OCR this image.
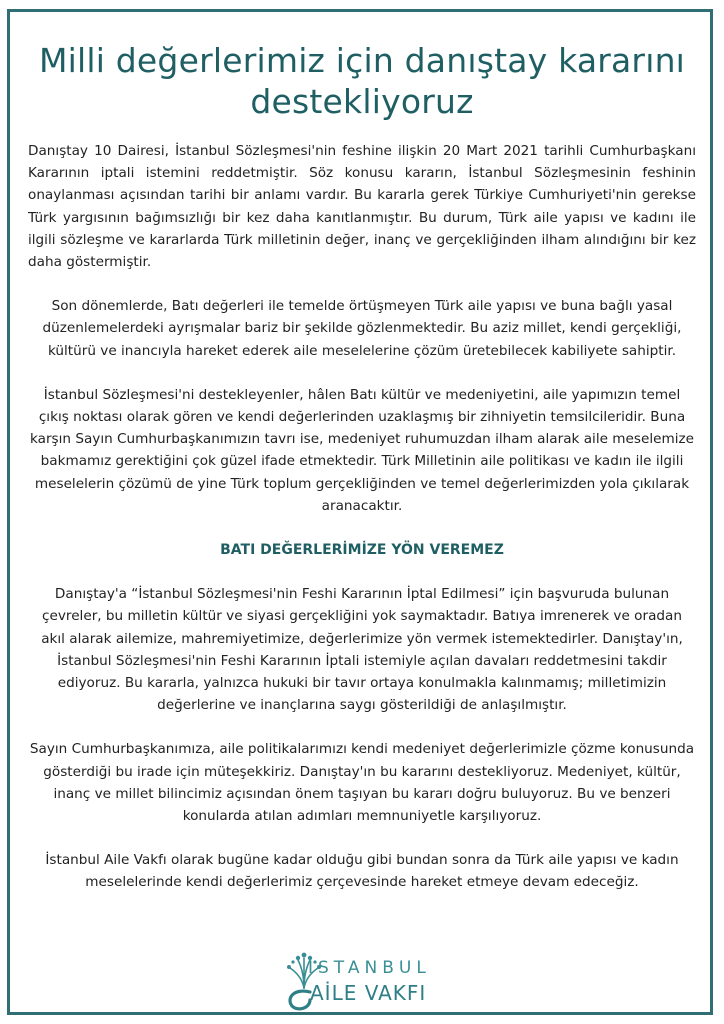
Milli değerlerimiz için danıştay kararını destekliyoruz

Danıştay 10 Dairesi, İstanbul Sözleşmesi'nin feshine ilişkin 20 Mart 2021 tarihli Cumhurbaşkanı Kararının iptali istemini reddetmiştir. Söz konusu kararın, İstanbul Sözleşmesinin feshinin onaylanması açısından tarihi bir anlamı vardır. Bu kararla gerek Türkiye Cumhuriyeti'nin gerekse Türk yargısının bağımsızlığı bir kez daha kanıtlanmıştır. Bu durum, Türk aile yapısı ve kadını ile ilgili sözleşme ve kararlarda Türk milletinin değer, inanç ve gerçekliğinden ilham alındığını bir kez daha göstermiştir.

Son dönemlerde, Batı değerleri ile temelde örtüşmeyen Türk aile yapısı ve buna bağlı yasal düzenlemelerdeki ayrışmalar bariz bir şekilde gözlenmektedir. Bu aziz millet, kendi gerçekliği, kültürü ve inancıyla hareket ederek aile meselelerine çözüm üretebilecek kabiliyete sahiptir.

İstanbul Sözleşmesi'ni destekleyenler, hâlen Batı kültür ve medeniyetini, aile yapımızın temel çıkış noktası olarak gören ve kendi değerlerinden uzaklaşmış bir zihniyetin temsilcileridir. Buna karşın Sayın Cumhurbaşkanımızın tavrı ise, medeniyet ruhumuzdan ilham alarak aile meselemize bakmamız gerektiğini çok güzel ifade etmektedir. Türk Milletinin aile politikası ve kadın ile ilgili meselelerin çözümü de yine Türk toplum gerçekliğinden ve temel değerlerimizden yola çıkılarak aranacaktır.

BATI DEĞERLERİMİZE YÖN VEREMEZ

Danıştay'a “İstanbul Sözleşmesi'nin Feshi Kararının İptal Edilmesi” için başvuruda bulunan çevreler, bu milletin kültür ve siyasi gerçekliğini yok saymaktadır. Batıya imrenerek ve oradan akıl alarak ailemize, mahremiyetimize, değerlerimize yön vermek istemektedirler. Danıştay'ın, İstanbul Sözleşmesi'nin Feshi Kararının İptali istemiyle açılan davaları reddetmesini takdir ediyoruz. Bu kararla, yalnızca hukuki bir tavır ortaya konulmakla kalınmamış; milletimizin değerlerine ve inançlarına saygı gösterildiği de anlaşılmıştır.

Sayın Cumhurbaşkanımıza, aile politikalarımızı kendi medeniyet değerlerimizle çözme konusunda gösterdiği bu irade için müteşekkiriz. Danıştay'ın bu kararını destekliyoruz. Medeniyet, kültür, inanç ve millet bilincimiz açısından önem taşıyan bu kararı doğru buluyoruz. Bu ve benzeri konularda atılan adımları memnuniyetle karşılıyoruz.

İstanbul Aile Vakfı olarak bugüne kadar olduğu gibi bundan sonra da Türk aile yapısı ve kadın meselelerinde kendi değerlerimiz çerçevesinde hareket etmeye devam edeceğiz.

İSTANBUL
AİLE VAKFI
